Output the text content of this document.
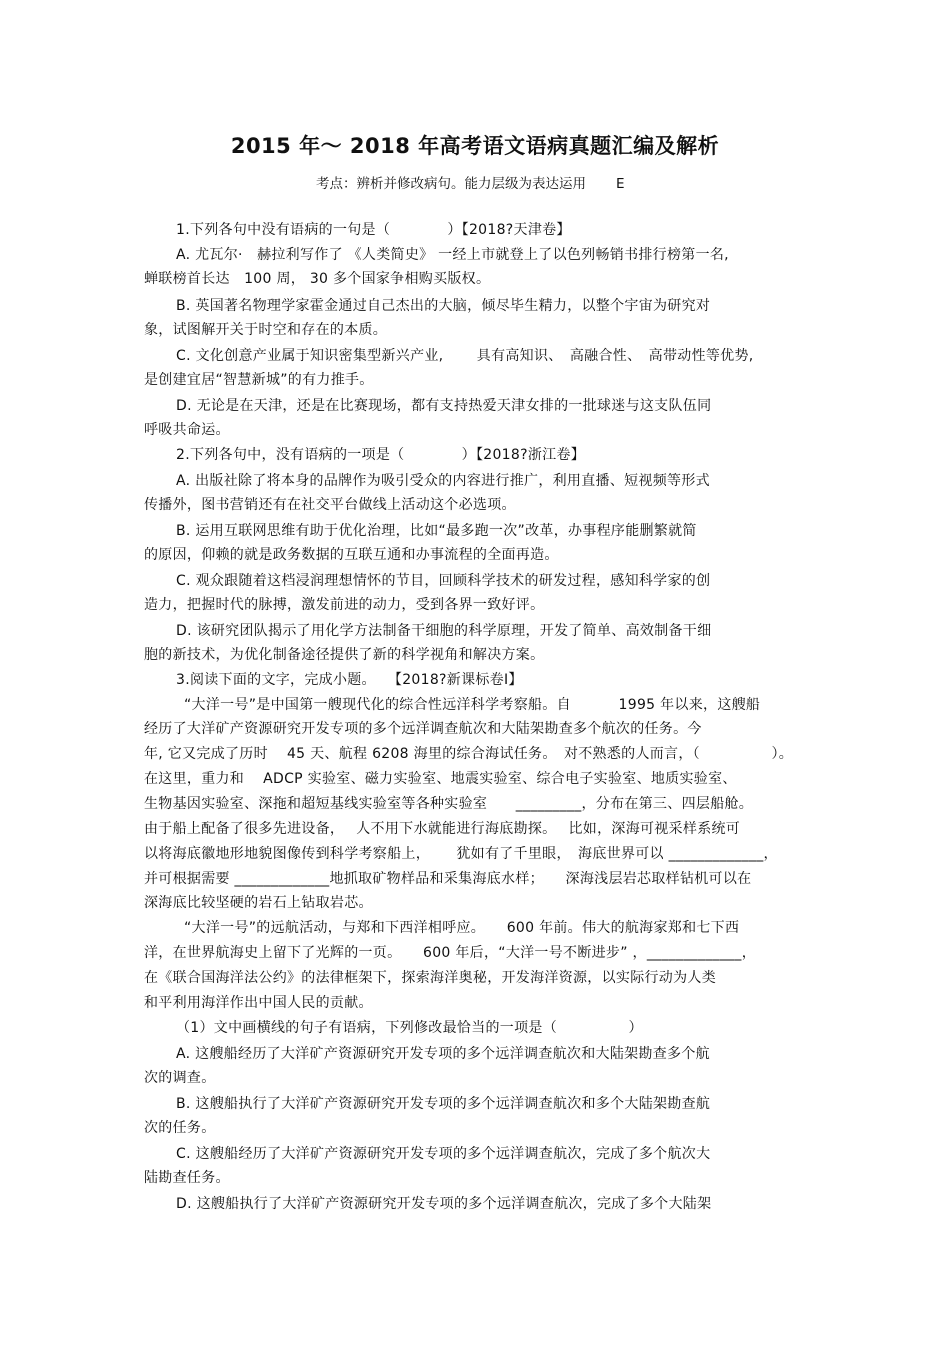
2015 年～ 2018 年高考语文语病真题汇编及解析
考点：辨析并修改病句。能力层级为表达运用 E
1.下列各句中没有语病的一句是（　　　　）【2018?天津卷】
A. 尤瓦尔·　赫拉利写作了 《人类简史》 一经上市就登上了以色列畅销书排行榜第一名,
蝉联榜首长达　100 周， 30 多个国家争相购买版权。
B. 英国著名物理学家霍金通过自己杰出的大脑，倾尽毕生精力，以整个宇宙为研究对
象，试图解开关于时空和存在的本质。
C. 文化创意产业属于知识密集型新兴产业,　　 具有高知识、　高融合性、　高带动性等优势,
是创建宜居“智慧新城”的有力推手。
D. 无论是在天津，还是在比赛现场，都有支持热爱天津女排的一批球迷与这支队伍同
呼吸共命运。
2.下列各句中，没有语病的一项是（　　　　）【2018?浙江卷】
A. 出版社除了将本身的品牌作为吸引受众的内容进行推广，利用直播、短视频等形式
传播外，图书营销还有在社交平台做线上活动这个必选项。
B. 运用互联网思维有助于优化治理，比如“最多跑一次”改革，办事程序能删繁就简
的原因，仰赖的就是政务数据的互联互通和办事流程的全面再造。
C. 观众跟随着这档浸润理想情怀的节目，回顾科学技术的研发过程，感知科学家的创
造力，把握时代的脉搏，激发前进的动力，受到各界一致好评。
D. 该研究团队揭示了用化学方法制备干细胞的科学原理，开发了简单、高效制备干细
胞的新技术，为优化制备途径提供了新的科学视角和解决方案。
3.阅读下面的文字，完成小题。　 【2018?新课标卷Ⅰ】
“大洋一号”是中国第一艘现代化的综合性远洋科学考察船。自　　　 1995 年以来，这艘船
经历了大洋矿产资源研究开发专项的多个远洋调查航次和大陆架勘查多个航次的任务。今
年, 它又完成了历时　 45 天、航程 6208 海里的综合海试任务。　对不熟悉的人而言，（　　　　　）。
在这里，重力和　 ADCP 实验室、磁力实验室、地震实验室、综合电子实验室、地质实验室、
生物基因实验室、深拖和超短基线实验室等各种实验室　　_________，分布在第三、四层船舱。
由于船上配备了很多先进设备，　 人不用下水就能进行海底勘探。　 比如，深海可视采样系统可
以将海底徽地形地貌图像传到科学考察船上，　　 犹如有了千里眼，　海底世界可以 _____________，
并可根据需要 _____________地抓取矿物样品和采集海底水样；　　深海浅层岩芯取样钻机可以在
深海底比较坚硬的岩石上钻取岩芯。
“大洋一号”的远航活动，与郑和下西洋相呼应。　　600 年前。伟大的航海家郑和七下西
洋，在世界航海史上留下了光辉的一页。　　600 年后，“大洋一号不断进步” ，_____________，
在《联合国海洋法公约》的法律框架下，探索海洋奥秘，开发海洋资源，以实际行动为人类
和平利用海洋作出中国人民的贡献。
（1）文中画横线的句子有语病，下列修改最恰当的一项是（　　　　　）
A. 这艘船经历了大洋矿产资源研究开发专项的多个远洋调查航次和大陆架勘查多个航
次的调查。
B. 这艘船执行了大洋矿产资源研究开发专项的多个远洋调查航次和多个大陆架勘查航
次的任务。
C. 这艘船经历了大洋矿产资源研究开发专项的多个远洋调查航次，完成了多个航次大
陆勘查任务。
D. 这艘船执行了大洋矿产资源研究开发专项的多个远洋调查航次，完成了多个大陆架
